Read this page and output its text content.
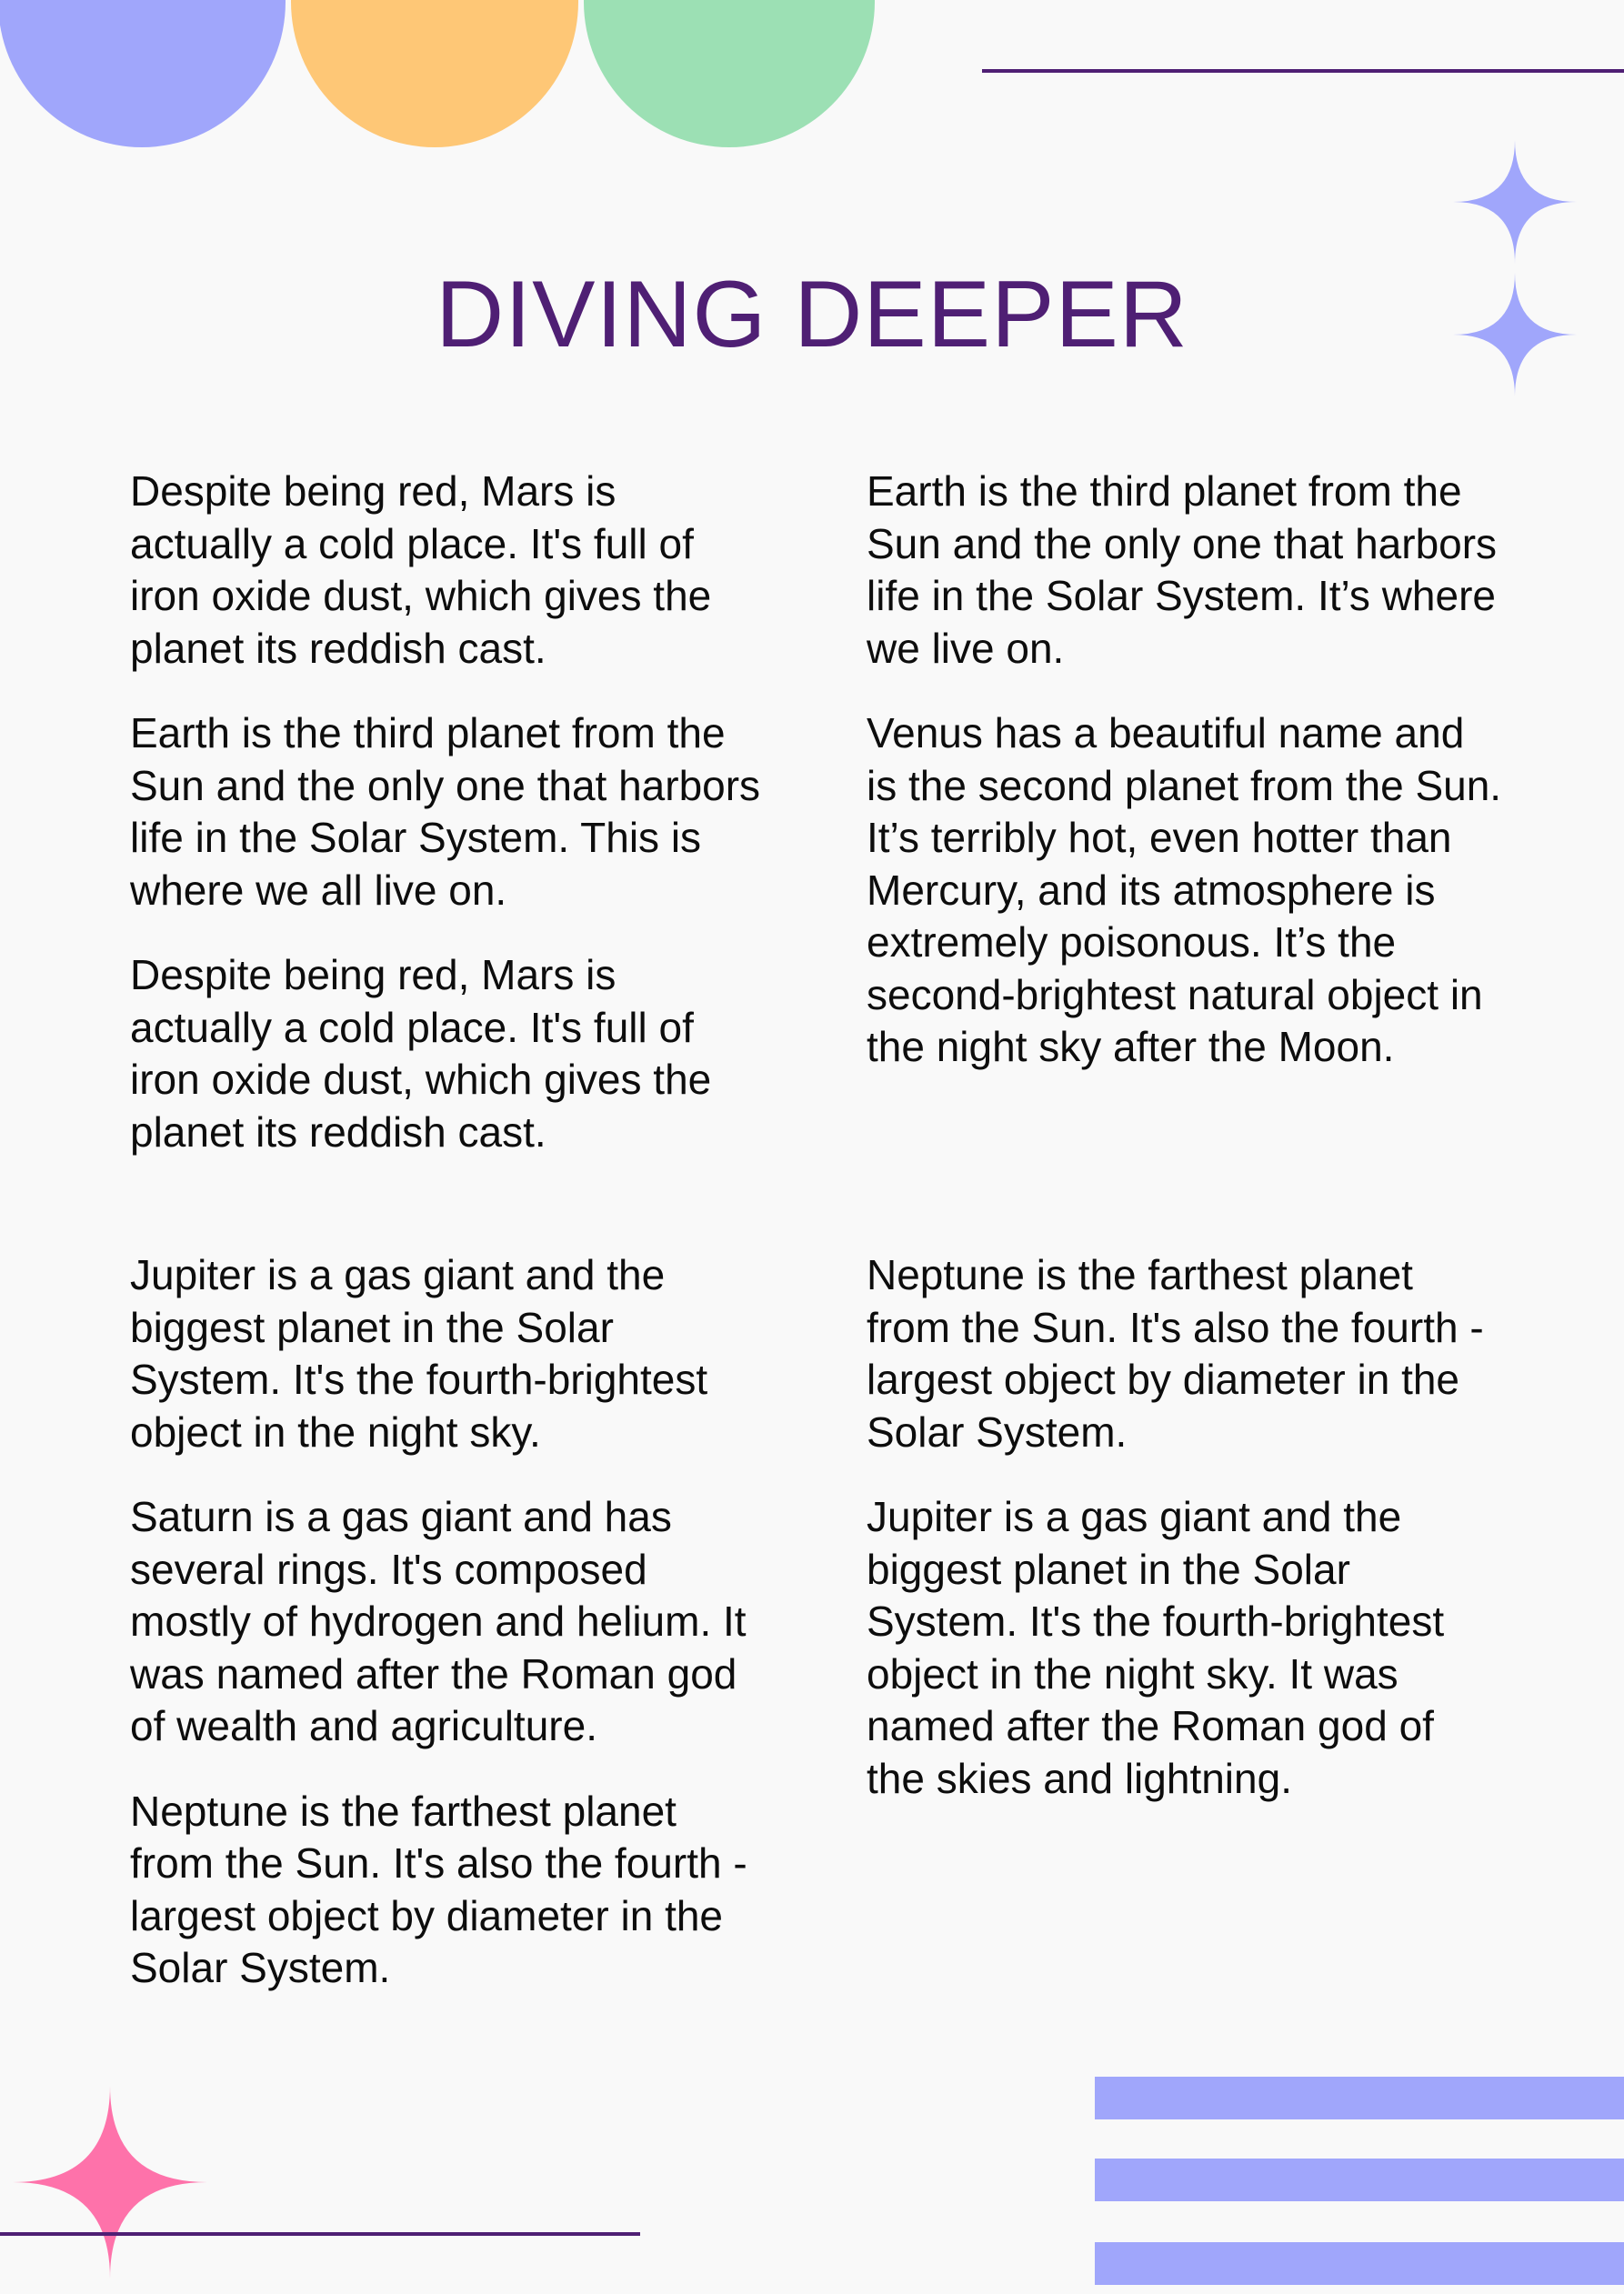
DIVING DEEPER

Despite being red, Mars is actually a cold place. It's full of iron oxide dust, which gives the planet its reddish cast.

Earth is the third planet from the Sun and the only one that harbors life in the Solar System. This is where we all live on.

Despite being red, Mars is actually a cold place. It's full of iron oxide dust, which gives the planet its reddish cast.

Earth is the third planet from the Sun and the only one that harbors life in the Solar System. It’s where we live on.

Venus has a beautiful name and is the second planet from the Sun. It’s terribly hot, even hotter than Mercury, and its atmosphere is extremely poisonous. It’s the second-brightest natural object in the night sky after the Moon.

Jupiter is a gas giant and the biggest planet in the Solar System. It's the fourth-brightest object in the night sky.

Saturn is a gas giant and has several rings. It's composed mostly of hydrogen and helium. It was named after the Roman god of wealth and agriculture.

Neptune is the farthest planet from the Sun. It's also the fourth -largest object by diameter in the Solar System.

Neptune is the farthest planet from the Sun. It's also the fourth -largest object by diameter in the Solar System.

Jupiter is a gas giant and the biggest planet in the Solar System. It's the fourth-brightest object in the night sky. It was named after the Roman god of the skies and lightning.
